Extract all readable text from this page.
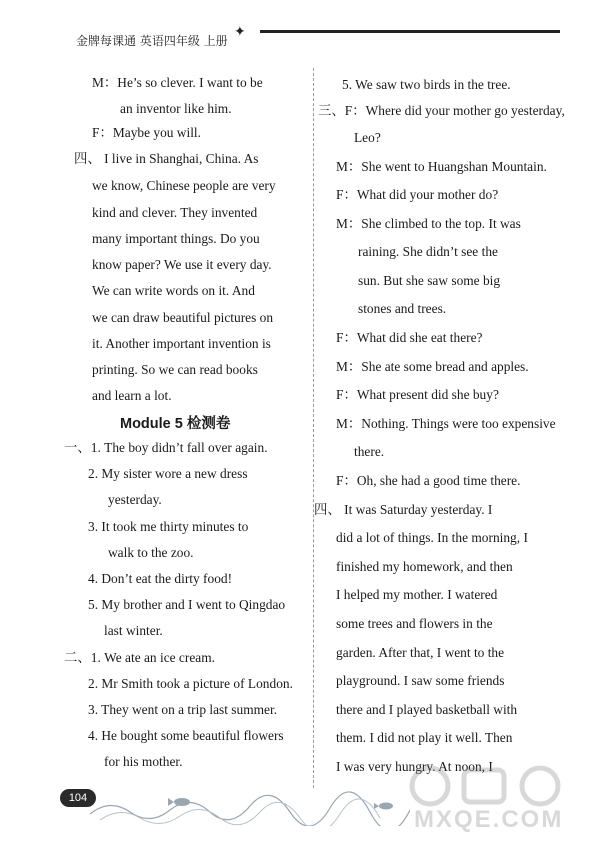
金牌每课通 英语四年级 上册
✦
M：He’s so clever. I want to be
an inventor like him.
F：Maybe you will.
四、 I live in Shanghai, China. As
we know, Chinese people are very
kind and clever. They invented
many important things. Do you
know paper? We use it every day.
We can write words on it. And
we can draw beautiful pictures on
it. Another important invention is
printing. So we can read books
and learn a lot.
Module 5 检测卷
一、1. The boy didn’t fall over again.
2. My sister wore a new dress
yesterday.
3. It took me thirty minutes to
walk to the zoo.
4. Don’t eat the dirty food!
5. My brother and I went to Qingdao
last winter.
二、1. We ate an ice cream.
2. Mr Smith took a picture of London.
3. They went on a trip last summer.
4. He bought some beautiful flowers
for his mother.
5. We saw two birds in the tree.
三、F：Where did your mother go yesterday,
Leo?
M：She went to Huangshan Mountain.
F：What did your mother do?
M：She climbed to the top. It was
raining. She didn’t see the
sun. But she saw some big
stones and trees.
F：What did she eat there?
M：She ate some bread and apples.
F：What present did she buy?
M：Nothing. Things were too expensive
there.
F：Oh, she had a good time there.
四、 It was Saturday yesterday. I
did a lot of things. In the morning, I
finished my homework, and then
I helped my mother. I watered
some trees and flowers in the
garden. After that, I went to the
playground. I saw some friends
there and I played basketball with
them. I did not play it well. Then
I was very hungry. At noon, I
104
MXQE.COM
